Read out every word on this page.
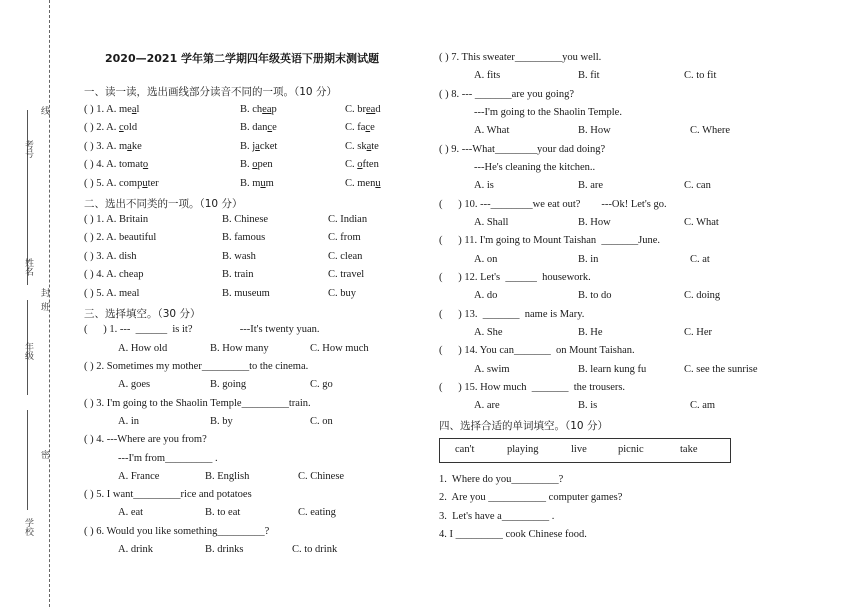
线
考号
姓名
封
班
年级
密
学校
2020—2021 学年第二学期四年级英语下册期末测试题
一、读一读，选出画线部分读音不同的一项。（10 分）
( ) 1. A. meal	B. cheap	C. bread
( ) 2. A. cold	B. dance	C. face
( ) 3. A. make	B. jacket	C. skate
( ) 4. A. tomato	B. open	C. often
( ) 5. A. computer	B. mum	C. menu
二、选出不同类的一项。（10 分）
( ) 1. A. Britain	B. Chinese	C. Indian
( ) 2. A. beautiful	B. famous	C. from
( ) 3. A. dish	B. wash	C. clean
( ) 4. A. cheap	B. train	C. travel
( ) 5. A. meal	B. museum	C. buy
三、选择填空。（30 分）
(      ) 1. ---  ______  is it?                  ---It's twenty yuan.
A. How old	B. How many	C. How much
( ) 2. Sometimes my mother_________to the cinema.
A. goes	B. going	C. go
( ) 3. I'm going to the Shaolin Temple_________train.
A. in	B. by	C. on
( ) 4. ---Where are you from?
---I'm from_________ .
A. France	B. English	C. Chinese
( ) 5. I want_________rice and potatoes
A. eat	B. to eat	C. eating
( ) 6. Would you like something_________?
A. drink	B. drinks	C. to drink
( ) 7. This sweater_________you well.
A. fits	B. fit	C. to fit
( ) 8. --- _______are you going?
---I'm going to the Shaolin Temple.
A. What	B. How	C. Where
( ) 9. ---What________your dad doing?
---He's cleaning the kitchen..
A. is	B. are	C. can
(      ) 10. ---________we eat out?        ---Ok! Let's go.
A. Shall	B. How	C. What
(      ) 11. I'm going to Mount Taishan  _______June.
A. on	B. in	C. at
(      ) 12. Let's  ______  housework.
A. do	B. to do	C. doing
(      ) 13.  _______  name is Mary.
A. She	B. He	C. Her
(      ) 14. You can_______  on Mount Taishan.
A. swim	B. learn kung fu	C. see the sunrise
(      ) 15. How much  _______  the trousers.
A. are	B. is	C. am
四、选择合适的单词填空。（10 分）
can't	playing	live	picnic	take
1.  Where do you_________?
2.  Are you ___________ computer games?
3.  Let's have a_________ .
4. I _________ cook Chinese food.
